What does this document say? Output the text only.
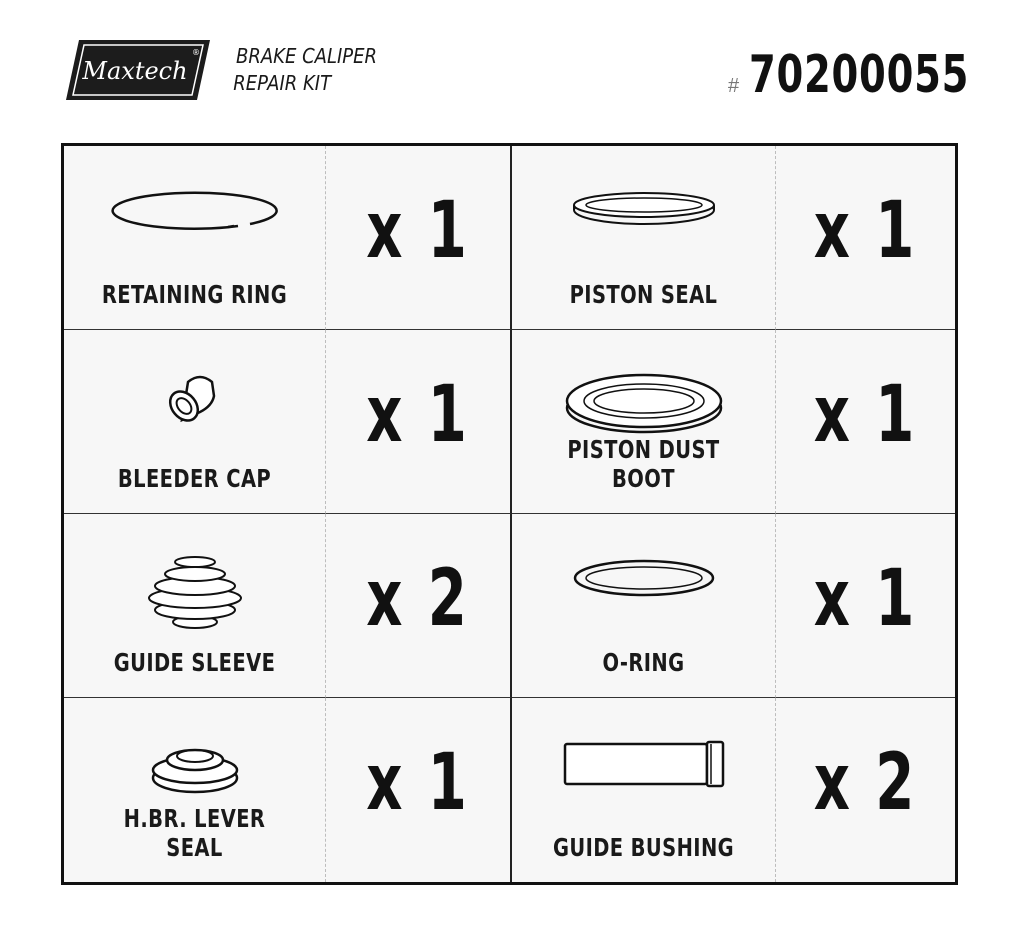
Maxtech
® BRAKE CALIPER
REPAIR KIT	# 70200055
RETAINING RING
x 1
PISTON SEAL
x 1
BLEEDER CAP
x 1	PISTON DUST BOOT
x 1
GUIDE SLEEVE
x 2
O-RING
x 1
H.BR. LEVER SEAL
x 1
GUIDE BUSHING
x 2
